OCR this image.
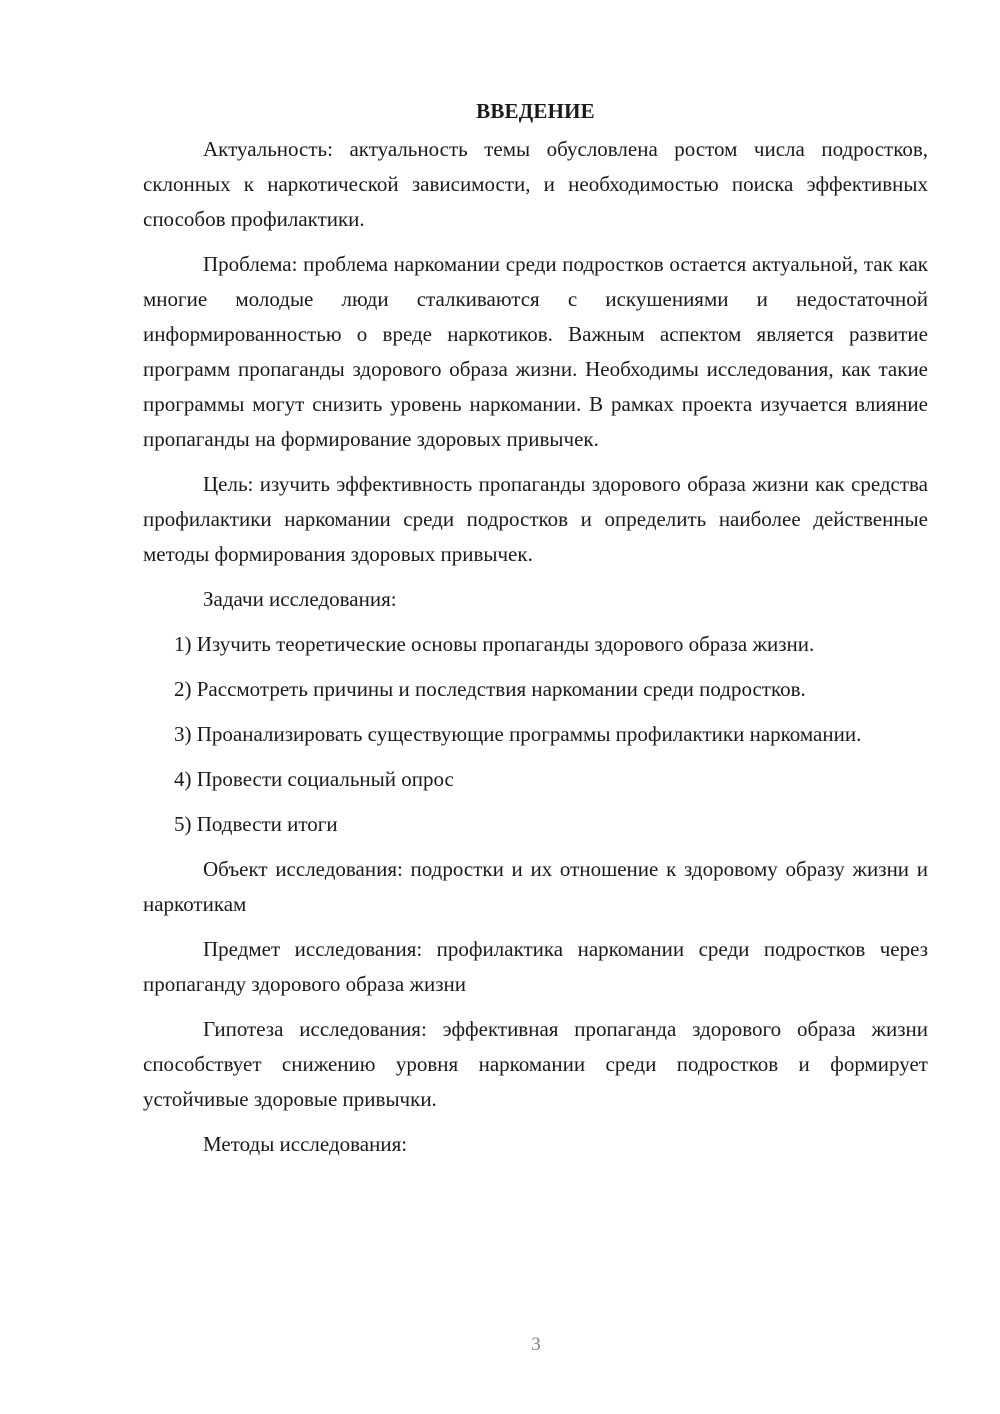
ВВЕДЕНИЕ

Актуальность: актуальность темы обусловлена ростом числа подростков, склонных к наркотической зависимости, и необходимостью поиска эффективных способов профилактики.

Проблема: проблема наркомании среди подростков остается актуальной, так как многие молодые люди сталкиваются с искушениями и недостаточной информированностью о вреде наркотиков. Важным аспектом является развитие программ пропаганды здорового образа жизни. Необходимы исследования, как такие программы могут снизить уровень наркомании. В рамках проекта изучается влияние пропаганды на формирование здоровых привычек.

Цель: изучить эффективность пропаганды здорового образа жизни как средства профилактики наркомании среди подростков и определить наиболее действенные методы формирования здоровых привычек.

Задачи исследования:

1) Изучить теоретические основы пропаганды здорового образа жизни.

2) Рассмотреть причины и последствия наркомании среди подростков.

3) Проанализировать существующие программы профилактики наркомании.

4) Провести социальный опрос

5) Подвести итоги

Объект исследования: подростки и их отношение к здоровому образу жизни и наркотикам

Предмет исследования: профилактика наркомании среди подростков через пропаганду здорового образа жизни

Гипотеза исследования: эффективная пропаганда здорового образа жизни способствует снижению уровня наркомании среди подростков и формирует устойчивые здоровые привычки.

Методы исследования:

3
